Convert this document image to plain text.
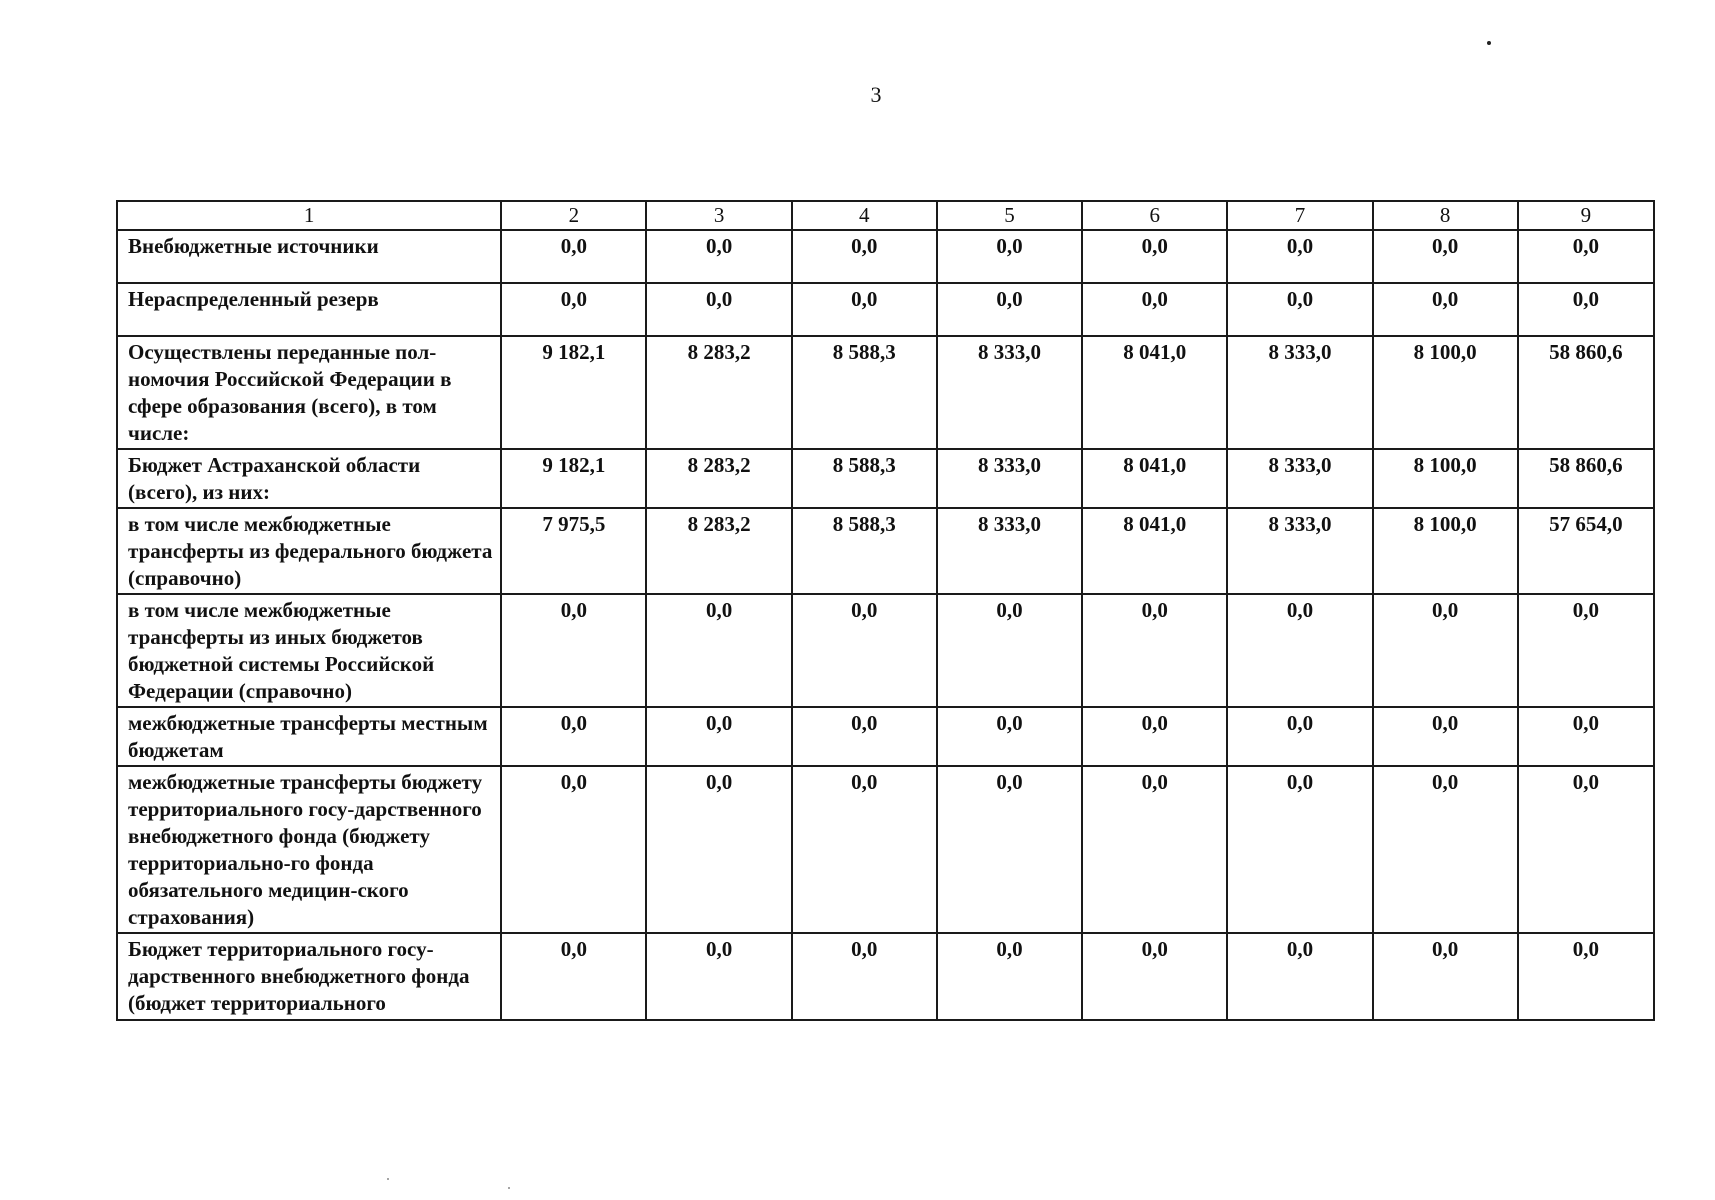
3
1	2	3	4	5	6	7	8	9
Внебюджетные источники	0,0	0,0	0,0	0,0	0,0	0,0	0,0	0,0
Нераспределенный резерв	0,0	0,0	0,0	0,0	0,0	0,0	0,0	0,0
Осуществлены переданные пол-номочия Российской Федерации в сфере образования (всего), в том числе:	9 182,1	8 283,2	8 588,3	8 333,0	8 041,0	8 333,0	8 100,0	58 860,6
Бюджет Астраханской области (всего), из них:	9 182,1	8 283,2	8 588,3	8 333,0	8 041,0	8 333,0	8 100,0	58 860,6
в том числе межбюджетные трансферты из федерального бюджета (справочно)	7 975,5	8 283,2	8 588,3	8 333,0	8 041,0	8 333,0	8 100,0	57 654,0
в том числе межбюджетные трансферты из иных бюджетов бюджетной системы Российской Федерации (справочно)	0,0	0,0	0,0	0,0	0,0	0,0	0,0	0,0
межбюджетные трансферты местным бюджетам	0,0	0,0	0,0	0,0	0,0	0,0	0,0	0,0
межбюджетные трансферты бюджету территориального госу-дарственного внебюджетного фонда (бюджету территориально-го фонда обязательного медицин-ского страхования)	0,0	0,0	0,0	0,0	0,0	0,0	0,0	0,0
Бюджет территориального госу-дарственного внебюджетного фонда (бюджет территориального	0,0	0,0	0,0	0,0	0,0	0,0	0,0	0,0
